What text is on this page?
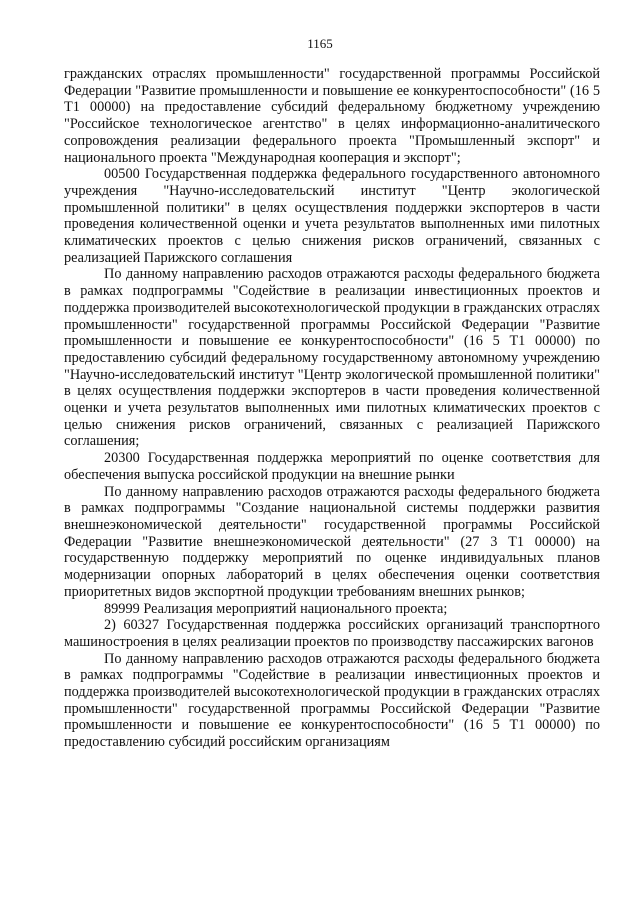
1165

гражданских отраслях промышленности" государственной программы Российской Федерации "Развитие промышленности и повышение ее конкурентоспособности" (16 5 Т1 00000) на предоставление субсидий федеральному бюджетному учреждению "Российское технологическое агентство" в целях информационно-аналитического сопровождения реализации федерального проекта "Промышленный экспорт" и национального проекта "Международная кооперация и экспорт";

00500 Государственная поддержка федерального государственного автономного учреждения "Научно-исследовательский институт "Центр экологической промышленной политики" в целях осуществления поддержки экспортеров в части проведения количественной оценки и учета результатов выполненных ими пилотных климатических проектов с целью снижения рисков ограничений, связанных с реализацией Парижского соглашения

По данному направлению расходов отражаются расходы федерального бюджета в рамках подпрограммы "Содействие в реализации инвестиционных проектов и поддержка производителей высокотехнологической продукции в гражданских отраслях промышленности" государственной программы Российской Федерации "Развитие промышленности и повышение ее конкурентоспособности" (16 5 Т1 00000) по предоставлению субсидий федеральному государственному автономному учреждению "Научно-исследовательский институт "Центр экологической промышленной политики" в целях осуществления поддержки экспортеров в части проведения количественной оценки и учета результатов выполненных ими пилотных климатических проектов с целью снижения рисков ограничений, связанных с реализацией Парижского соглашения;

20300 Государственная поддержка мероприятий по оценке соответствия для обеспечения выпуска российской продукции на внешние рынки

По данному направлению расходов отражаются расходы федерального бюджета в рамках подпрограммы "Создание национальной системы поддержки развития внешнеэкономической деятельности" государственной программы Российской Федерации "Развитие внешнеэкономической деятельности" (27 3 Т1 00000) на государственную поддержку мероприятий по оценке индивидуальных планов модернизации опорных лабораторий в целях обеспечения оценки соответствия приоритетных видов экспортной продукции требованиям внешних рынков;

89999 Реализация мероприятий национального проекта;

2) 60327 Государственная поддержка российских организаций транспортного машиностроения в целях реализации проектов по производству пассажирских вагонов

По данному направлению расходов отражаются расходы федерального бюджета в рамках подпрограммы "Содействие в реализации инвестиционных проектов и поддержка производителей высокотехнологической продукции в гражданских отраслях промышленности" государственной программы Российской Федерации "Развитие промышленности и повышение ее конкурентоспособности" (16 5 Т1 00000) по предоставлению субсидий российским организациям
